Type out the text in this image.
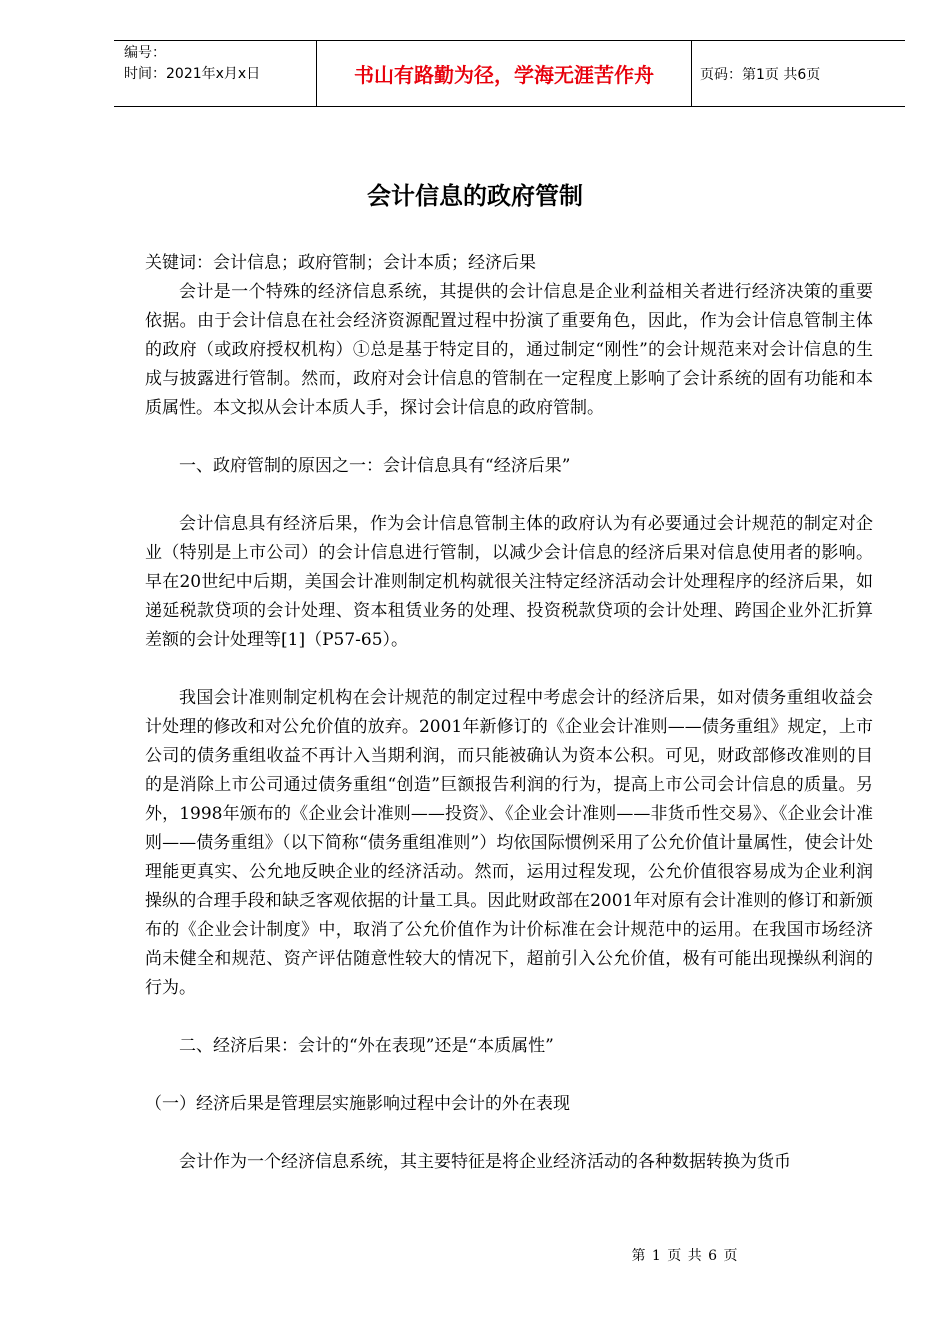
编号：
时间：2021年x月x日	书山有路勤为径，学海无涯苦作舟	页码：第1页 共6页
会计信息的政府管制

关键词：会计信息；政府管制；会计本质；经济后果

会计是一个特殊的经济信息系统，其提供的会计信息是企业利益相关者进行经济决策的重要依据。由于会计信息在社会经济资源配置过程中扮演了重要角色，因此，作为会计信息管制主体的政府（或政府授权机构）①总是基于特定目的，通过制定“刚性”的会计规范来对会计信息的生成与披露进行管制。然而，政府对会计信息的管制在一定程度上影响了会计系统的固有功能和本质属性。本文拟从会计本质人手，探讨会计信息的政府管制。

一、政府管制的原因之一：会计信息具有“经济后果”

会计信息具有经济后果，作为会计信息管制主体的政府认为有必要通过会计规范的制定对企业（特别是上市公司）的会计信息进行管制，以减少会计信息的经济后果对信息使用者的影响。早在20世纪中后期，美国会计准则制定机构就很关注特定经济活动会计处理程序的经济后果，如递延税款贷项的会计处理、资本租赁业务的处理、投资税款贷项的会计处理、跨国企业外汇折算差额的会计处理等[1]（P57-65）。

我国会计准则制定机构在会计规范的制定过程中考虑会计的经济后果，如对债务重组收益会计处理的修改和对公允价值的放弃。2001年新修订的《企业会计准则——债务重组》规定，上市公司的债务重组收益不再计入当期利润，而只能被确认为资本公积。可见，财政部修改准则的目的是消除上市公司通过债务重组“创造”巨额报告利润的行为，提高上市公司会计信息的质量。另外，1998年颁布的《企业会计准则——投资》、《企业会计准则——非货币性交易》、《企业会计准则——债务重组》（以下简称“债务重组准则”）均依国际惯例采用了公允价值计量属性，使会计处理能更真实、公允地反映企业的经济活动。然而，运用过程发现，公允价值很容易成为企业利润操纵的合理手段和缺乏客观依据的计量工具。因此财政部在2001年对原有会计准则的修订和新颁布的《企业会计制度》中，取消了公允价值作为计价标准在会计规范中的运用。在我国市场经济尚未健全和规范、资产评估随意性较大的情况下，超前引入公允价值，极有可能出现操纵利润的行为。

二、经济后果：会计的“外在表现”还是“本质属性”

（一）经济后果是管理层实施影响过程中会计的外在表现

会计作为一个经济信息系统，其主要特征是将企业经济活动的各种数据转换为货币

第 1 页 共 6 页
